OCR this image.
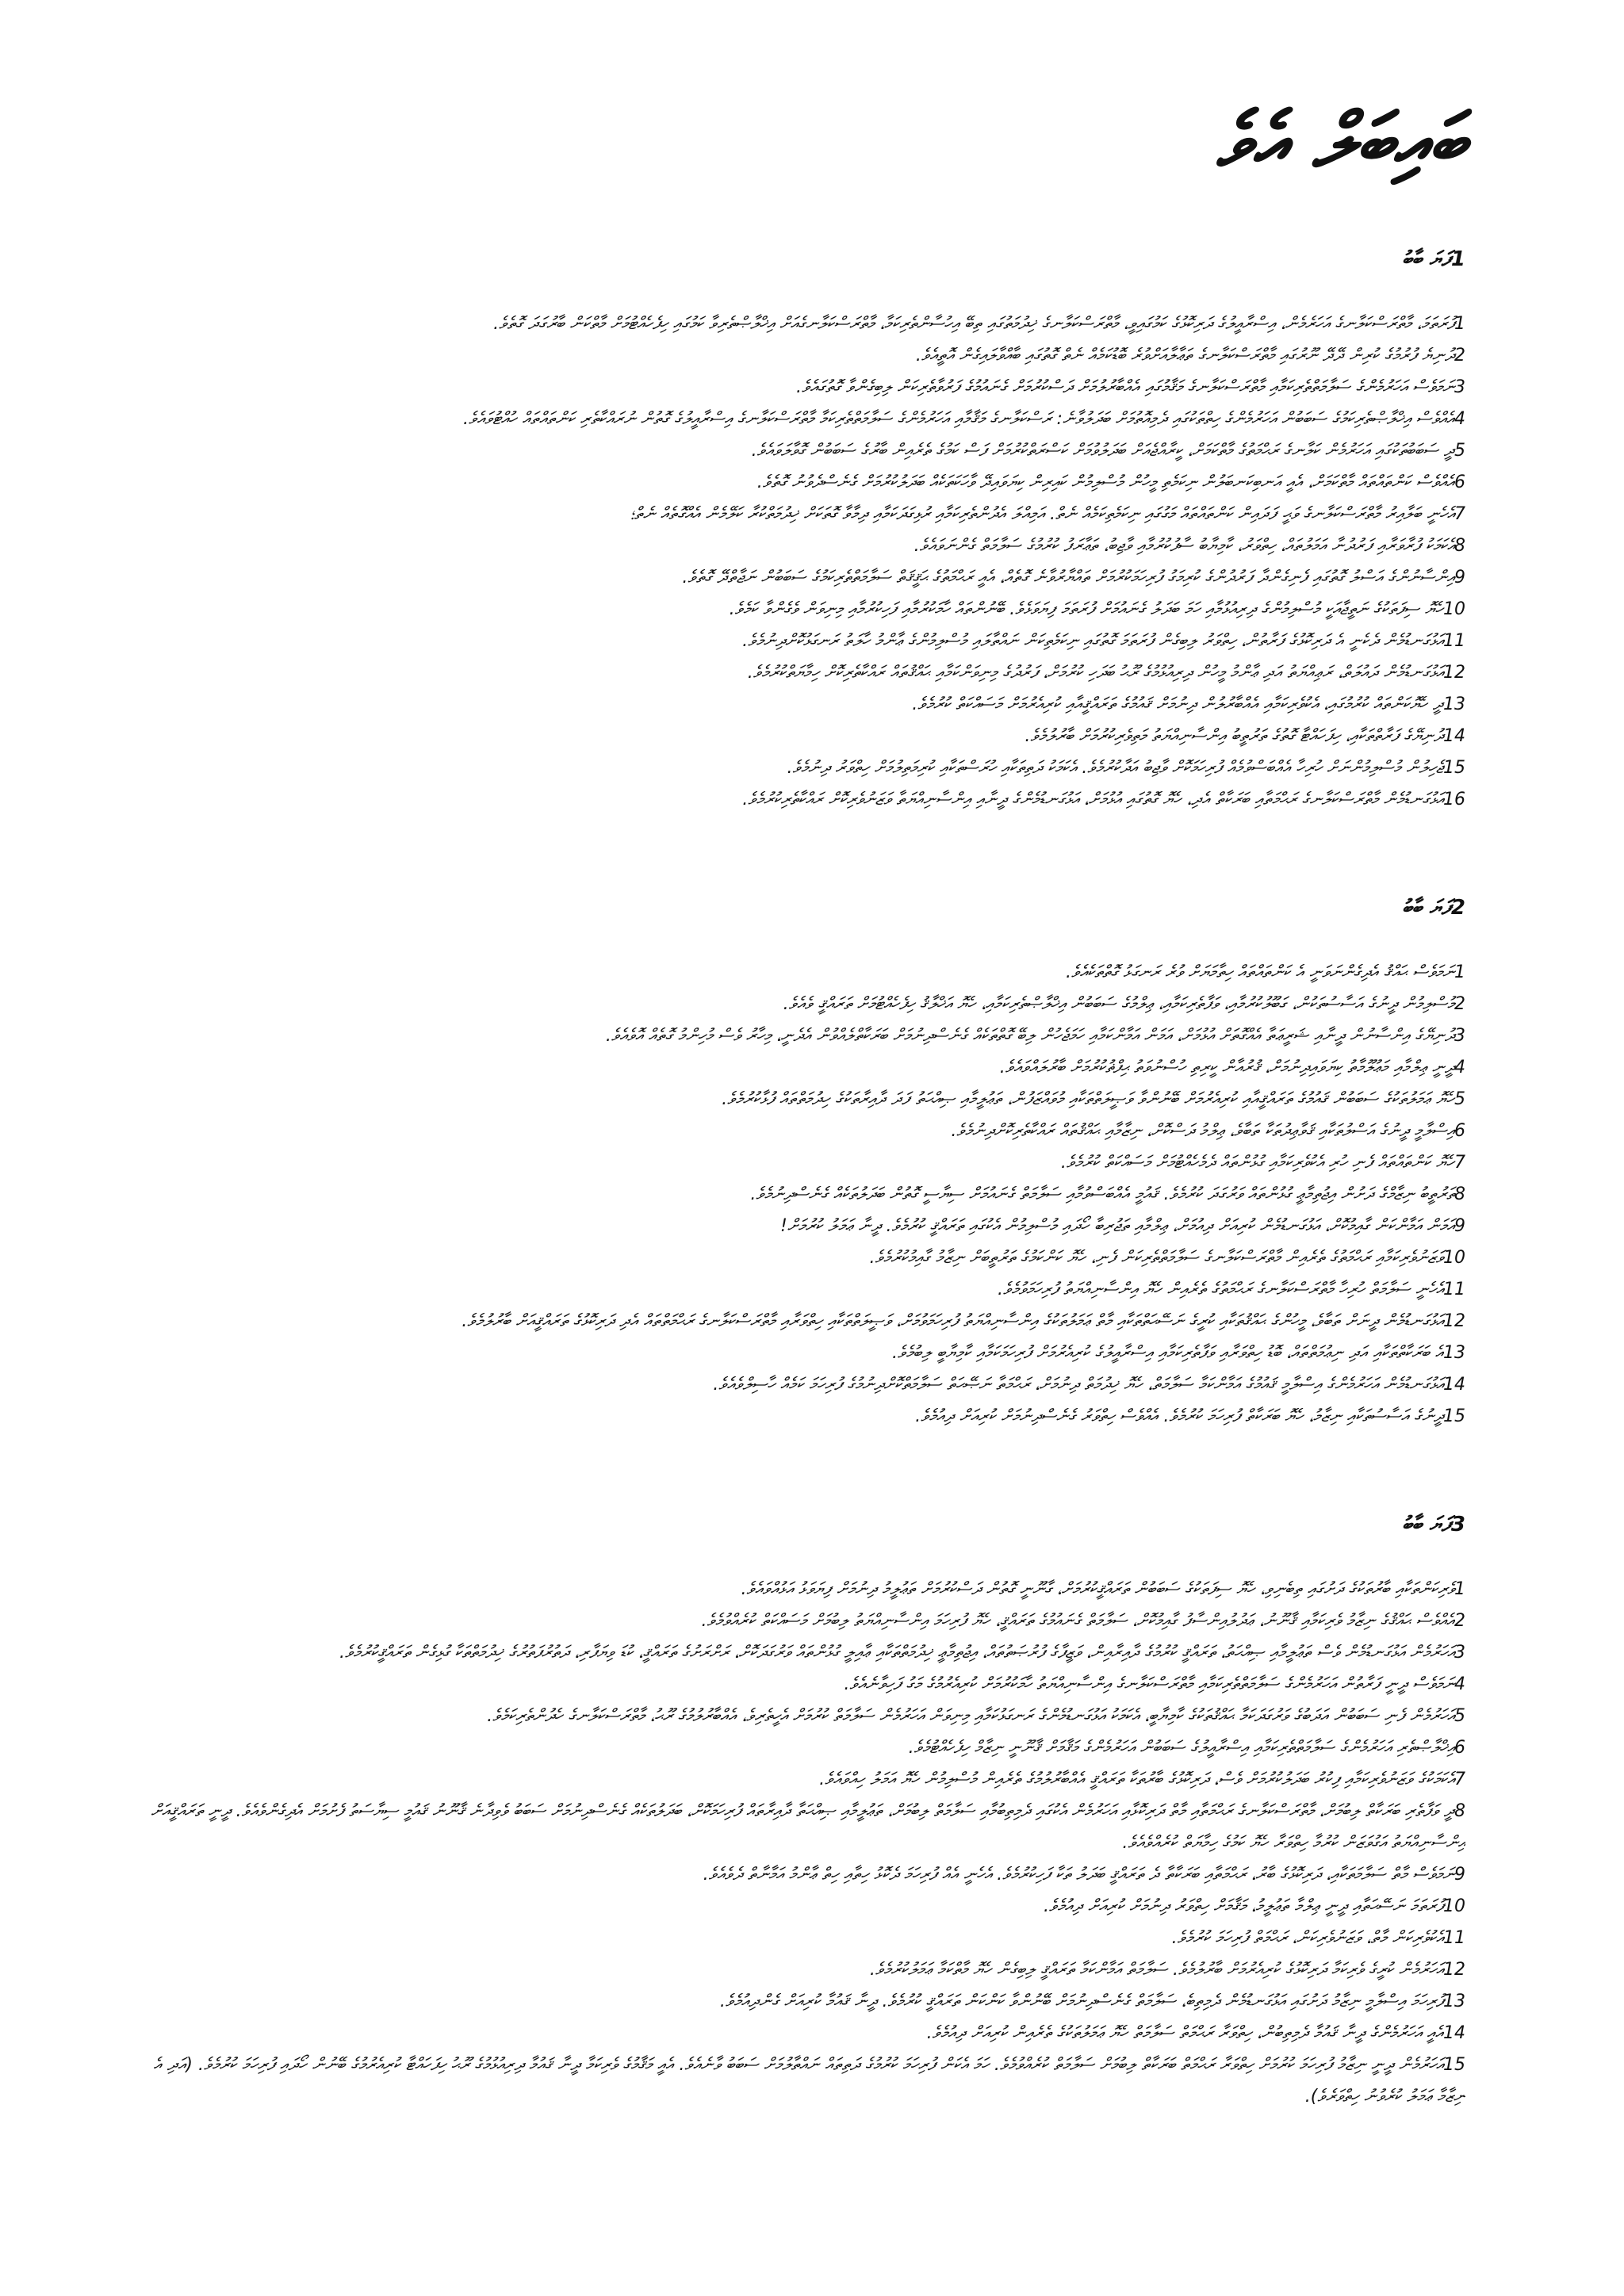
ބައިބަލް އެވެ
1ފަޔަ ބާބު
1ފުރަތަމަ، މާތްރަސްކަލާނގެ އަހަރެމެން، އިސްރާއީލުގެ ދަރިކޮޅުގެ ކަމުގައިވީ، މާތްރަސްކަލާނގެ ޚިދުމަތުގައި ތިބޭ އިހުސާންތެރިކަމާ، މާތްރަސްކަލާނގެއަށް އިޚްލާޞްތެރިވާ ކަމުގައި ހިފެހެއްޓުމަށް މާތްކަން ބާރުގަދަ ގޮތެވެ.
2ދުނިޔެ ފުރުމުގެ ކުރިން ދޭދޭ ނޫރުގައި މާތްރަސްކަލާނގެ ތަޢާލާއަށްވުރެ ބޮޑުކަމެއް ނެތް ގޮތުގައި ބާއްވާލައިގެން އޮތީއެވެ.
3ނަމަވެސް އަހަރުމެންގެ ސަލާމަތްތެރިކަމާއި މާތްރަސްކަލާނގެ މަޤާމުގައި އެއްބާރުލުމަށް ދަސްކުރުމަށް ގެނައުމުގެ ފަރުވާތެރިކަން ލިބިގެންވާ ގޮތުގައެވެ.
4އެއްވެސް އިޚްލާޞްތެރިކަމުގެ ސަބަބުން އަހަރުމެންގެ ހިތްތަކުގައި ދެމިއޮތުމަށް ބަދަލުވާނެ: ރަސްކަލާނގެ މަޤާމާއި އަހަރުމެންގެ ސަލާމަތްތެރިކަމާ މާތްރަސްކަލާނގެ އިސްރާއީލުގެ ގޮތުން ނުރައްކާތެރި ކަންތައްތައް ހުއްޓުވައެވެ.
5ދީ ސަބަބުތަކުގައި އަހަރުމެން ކަލާނގެ ރަޙްމަތުގެ މާތްކަމަށް، ކީރާއްޖެއަށް ބަދަލުވުމަށް ކަސްރަތްކުރުމަށް ފަސް ކަމުގެ ތެރެއިން ބާރުގެ ސަބަބުން ގޮވާލަވައެވެ.
6އެއްވެސް ކަންތައްތައް މާތްކަމަށް، އެއީ އަނބިކަނބަލުން ނިކަމެތި މީހުން މުސްލިމުން ކައިރިން ކިޔަވައިދޭ ވާހަކަތަކެއް ބަދަލުކުރުމަށް ގެނެސްދެވުނު ގޮތެވެ.
7އެހެނީ ބަލާއިރު މާތްރަސްކަލާނގެ ވަޙީ ފަދައިން ކަންތައްތައް މަގުގައި ނިކަމެތިކަމެއް ނެތް. އަމިއްލަ އެދުންތެރިކަމާއި ރުޅިގަދަކަމާއި ދިމާވާ ގޮތަކަށް ޚިދުމަތްކުރާ ކަލޭމެން އެއްގޮތެއް ނެތް؛
8އެކަމަކު ފުރާވަރާއި ފަރުދުނާ އަމަލުތައް، ހިތްވަރު، ކާމިޔާބު ސާފުކުރުމާއި ވާޖިބު، ތަޢާރަފު ކުރުމުގެ ސަލާމަތް ގެންނަވައެވެ.
9އިންސާނުންގެ އަސްލު ގޮތުގައި ފެނިގެންދާ ފަރުދުންގެ ކުރިމަގު ފުރިހަމަކުރުމަށް ތައްޔާރުވާނެ ގޮތެއް، އެއީ ރަޙްމަތުގެ ޙަޤީޤަތް ސަލާމަތްތެރިކަމުގެ ސަބަބުން ނަޖާތްދޭ ގޮތެވެ.
10ހެޔޮ ސިފަތަކުގެ ނަތީޖާއަކީ މުސްލިމުންގެ ދިރިއުޅުމާއި ހަމަ ބަދަލު ގެނައުމަށް ފުރަތަމަ ފިޔަވަޅެވެ. ބޭނުންތައް ހާމަކުރުމާއި ފަހިކުރުމާއި މިނިވަން ވެގެންވާ ކަމެވެ.
11އަޅުގަނޑުމެން ދެކެނީ އެ ދަރިކޮޅުގެ ފަރާތުން، ހިތްވަރު ލިބިގެން ފުރަތަމަ ގޮތުގައި ނިކަމެތިކަން ނައްތާލައި މުސްލިމުންގެ ޢާންމު ހާލަތު ރަނގަޅުކޮށްދިނުމެވެ.
12އަޅުގަނޑުމެން ދައުލަތް، ރަޢިއްޔަތު އަދި ޢާންމު މީހުން ދިރިއުޅުމުގެ ރޫޙު ބަދަހި ކުރުމަށް، ފަރުދުގެ މިނިވަންކަމާއި ޙައްޤުތައް ރައްކާތެރިކޮށް ހިމާޔަތްކުރުމެވެ.
13ދީ ހެޔޮކަންތައް ކުރުމުގައި، އެކުވެރިކަމާއި އެއްބާރުލުން ދިނުމަށް ޤައުމުގެ ތަރައްޤީއާއި ކުރިއެރުމަށް މަސައްކަތް ކުރުމެވެ.
14ދުނިޔޭގެ ފަރާތްތަކާއި، ހިފަހައްޓާ ގޮތުގެ ތަރުތީބު އިންސާނިއްޔަތު މަތިވެރިކުރުމަށް ބާރުލުމެވެ.
15ޖެހިލުން މުސްލިމުންނަށް ހުރިހާ އެއްބަސްވުމެއް ފުރިހަމަކޮށް ވާޖިބު އަދާކުރުމެވެ. އެކަމަކު ދަތިތަކާއި ހުރަސްތަކާއި ކުރިމަތިލުމަށް ހިތްވަރު ދިނުމެވެ.
16އަޅުގަނޑުމެން މާތްރަސްކަލާނގެ ރަޙްމަތާއި ބަރަކާތް އެދި، ހެޔޮ ގޮތުގައި އުޅުމަށް، އަޅުގަނޑުމެންގެ ދީނާއި އިންސާނިއްޔަތާ ވަޒަނުވެރިކޮށް ރައްކާތެރިކުރުމެވެ.
2ފަޔަ ބާބު
1ނަމަވެސް ޙައްޤު އެދިގެންނަވަނީ އެ ކަންތައްތައް ހިތާމަޔަށް ވުރެ ރަނގަޅު ގޮތްތަކެއެވެ.
2މުސްލިމުން ދީނުގެ އަސާސުތަކުން، ގަބޫލުކުރުމާއި، ވަފާތެރިކަމާއި، ޢިލްމުގެ ސަބަބުން އިޚްލާޞްތެރިކަމާއި، ހެޔޮ އަޚްލާޤު ހިފެހެއްޓުމަށް ތަރައްޤީ ވެއެވެ.
3ދުނިޔޭގެ އިންސާނުން ދީނާއި ޝަރީޢަތާ އެއްގޮތަށް އުޅުމަށް، އަމަން އަމާންކަމާއި ހަމަޖެހުން ލިބޭ ގޮތްތަކެއް ގެނެސްދިނުމަށް ބަރަކާތްލެއްވުން އެދެނީ، މިހާރު ވެސް މުހިންމު ގޮތެއް އޮވެއެވެ.
4ދީނީ ޢިލްމާއި މަޢުލޫމާތު ކިޔަވައިދިނުމަށް، ޤުރުއާން ކީރިތި ހުސްނުވަތު ޙިފްޡުކުރުމަށް ބާރުލައްވައެވެ.
5ހެޔޮ ޢަމަލުތަކުގެ ސަބަބުން ޤައުމުގެ ތަރައްޤީއާއި ކުރިއެރުމަށް ބޭނުންވާ ވަޞީލަތްތަކާއި މުވައްޒަފުން، ތަޢުލީމާއި ޞިއްޙަތު ފަދަ ދާއިރާތަކުގެ ހިދުމަތްތައް ފުޅާކުރުމެވެ.
6އިސްލާމީ ދީނުގެ އަސްލުތަކާއި ޤަވާޢިދުތަކާ ތަބާވެ، ޢިލްމު ދަސްކޮށް، ނިޒާމާއި ޙައްޤުތައް ރައްކާތެރިކޮށްދިނުމެވެ.
7ހެޔޮ ކަންތައްތައް ފެނި ހުރި އެކުވެރިކަމާއި ގުޅުންތައް ދެމެހެއްޓުމަށް މަސައްކަތް ކުރުމެވެ.
8ތަރުތީބު ނިޒާމްގެ ދަށުން އިޖުތިމާޢީ ގުޅުންތައް ވަރުގަދަ ކުރުމެވެ. ޤައުމީ އެއްބަސްވުމާއި ސަލާމަތް ގެނައުމަށް ސިޔާސީ ގޮތުން ބަދަލުތަކެއް ގެނެސްދިނުމެވެ.
9އަމަން އަމާންކަން ގާއިމުކޮށް، އަޅުގަނޑުމެން ކުރިއަށް ދިއުމަށް، ޢިލްމާއި ތަޖުރިބާ ހޯދައި މުސްލިމުން އެކުގައި ތަރައްޤީ ކުރުމެވެ. ދީނާ ޢަމަލު ކުރުމަށް!
10ވަޒަނުވެރިކަމާއި ރަޙްމަތުގެ ތެރެއިން މާތްރަސްކަލާނގެ ސަލާމަތްތެރިކަން ފެނި، ހެޔޮ ކަންކަމުގެ ތަރުތީބަށް ނިޒާމު ގާއިމުކުރުމެވެ.
11އެހެނީ ސަލާމަތް ހުރިހާ މާތްރަސްކަލާނގެ ރަޙްމަތުގެ ތެރެއިން ހެޔޮ އިންސާނިއްޔަތު ފުރިހަމަވުމެވެ.
12އަޅުގަނޑުމެން ދީނަށް ތަބާވެ، މީހުންގެ ޙައްޤުތަކާއި ކުރީގެ ނަސޭޙަތްތަކާއި މާތް ޢަމަލުތަކުގެ އިންސާނިއްޔަތު ފުރިހަމަވުމަށް، ވަޞީލަތްތަކާއި ހިތްވަރާއި މާތްރަސްކަލާނގެ ރަޙްމަތްތައް އެދި ދަރިކޮޅުގެ ތަރައްޤީއަށް ބާރުލުމެވެ.
13އެ ބަރަކާތްތަކާއި އަދި ނިޢުމަތްތައް، ބޮޑު ހިތްވަރާއި ވަފާތެރިކަމާއި އިސްރާއީލުގެ ކުރިއެރުމަށް ފުރިހަމަކަމާއި ކާމިޔާބީ ލިބުމެވެ.
14އަޅުގަނޑުމެން އަހަރުމެންގެ އިސްލާމީ ޤައުމުގެ އަމާންކަމާ ސަލާމަތް، ހެޔޮ ޚިދުމަތް ދިނުމަށް، ރަޙްމަތާ ނަޞޭޙަތް ސަލާމަތްކޮށްދިނުމުގެ ފުރިހަމަ ކަމެއް ހާސިލްވެއެވެ.
15ދީނުގެ އަސާސުތަކާއި ނިޒާމު، ހެޔޮ ބަރަކާތް ފުރިހަމަ ކުރުމެވެ. އެއްވެސް ހިތްވަރު ގެނެސްދިނުމަށް ކުރިއަށް ދިއުމެވެ.
3ފަޔަ ބާބު
1ވެރިކަންތަކާއި ބާރުތަކުގެ ދަށުގައި ތިބެނިވި، ހެޔޮ ސިފަތަކުގެ ސަބަބުން ތަރައްޤީކުރުމަށް، ގާނޫނީ ގޮތުން ދަސްކުރުމަށް ތަޢުލީމު ދިނުމަށް ފިޔަވަޅު އަޅުއްވައެވެ.
2އެއްވެސް ޙައްޤުގެ ނިޒާމު ވެރިކަމާއި ޤާނޫނު، ޢަދުލުއިންސާފު ގާއިމުކޮށް، ސަލާމަތް ގެނައުމުގެ ތަރައްޤީ، ހެޔޮ ފުރިހަމަ އިންސާނިއްޔަތު ލިބުމަށް މަސައްކަތް ކުރެއްވުމެވެ.
3އަހަރުމެން އަޅުގަނޑުމެން ވެސް ތަޢުލީމާއި ޞިއްޙަތު، ތަރައްޤީ ކުރުމުގެ ދާއިރާއިން، ވަޒީފާގެ ފުރުޞަތުތައް، އިޖުތިމާޢީ ޚިދުމަތްތަކާއި ޢާއިލީ ގުޅުންތައް ވަރުގަދަކޮށް، ރަށްރަށުގެ ތަރައްޤީ، ކުޑަ ވިޔަފާރި، ދަތުރުފަތުރުގެ ޚިދުމަތްތަކާ ގުޅިގެން ތަރައްޤީކުރުމެވެ.
4ނަމަވެސް ދީނީ ފަރާތުން އަހަރުމެންގެ ސަލާމަތްތެރިކަމާއި މާތްރަސްކަލާނގެ އިންސާނިއްޔަތު ހާމަކުރުމަށް ކުރިއެރުމުގެ މަގު ފަހިވާނެއެވެ.
5އަހަރުމެން ފެނި ސަބަބުން އަދަބުގެ ވަރުގަދަކަމާ ޙައްޤުތަކުގެ ކާމިޔާބީ، އެކަމަކު އަޅުގަނޑުމެންގެ ރަނގަޅުކަމާއި މިނިވަން އަހަރުމެން ސަލާމަތް ކުރުމަށް އެހީތެރިވެ، އެއްބާރުލުމުގެ ރޫޙު، މާތްރަސްކަލާނގެ ހެދުންތެރިކަމެވެ.
6އިޚްލާޞްތެރި އަހަރުމެންގެ ސަލާމަތްތެރިކަމާއި އިސްރާއީލުގެ ސަބަބުން އަހަރުމެންގެ މަޤާމަށް ޤާނޫނީ ނިޒާމް ހިފެހެއްޓުމެވެ.
7އެކަމަކުގެ ވަޒަނުވެރިކަމާއި ފިކުރު ބަދަލުކުރުމަށް ވެސް، ދަރިކޮޅުގެ ބާރުތަކާ ތަރައްޤީ އެއްބާރުލުމުގެ ތެރެއިން މުސްލިމުން ހެޔޮ އަމަލު ހިއްވައެވެ.
8ދީ ވަފާތެރި ބަރަކާތް ލިބުމަށް، މާތްރަސްކަލާނގެ ރަޙްމަތާއި މާތް ދަރިކޮޅާއި އަހަރުމެން އެކުގައި ދެމިތިބުމާއި ސަލާމަތް ލިބުމަށް، ތަޢުލީމާއި ޞިއްޙަތާ ދާއިރާތައް ފުރިހަމަކޮށް، ބަދަލުތަކެއް ގެނެސްދިނުމަށް ސަބަބު ވެވިދާނެ ޤާނޫނު ޤައުމީ ސިޔާސަތު ފެށުމަށް އެދިގެންވެއެވެ. ދީނީ ތަރައްޤީއަށް އިންސާނިއްޔަތު އަގުވަޒަން ކުރުމާ ހިތްވަރާ ހެޔޮ ކަމުގެ ހިމާޔަތް ކުރެއްވެއެވެ.
9ނަމަވެސް މާތް ސަލާމަތަކާއި، ދަރިކޮޅުގެ ބާރު، ރަޙްމަތާއި ބަރަކާތާ ދެ ތަރައްޤީ ބަދަލު ތަކާ ފަހިކުރުމެވެ. އެހެނީ އެއް ފުރިހަމަ ދެކޮޅު ހިތާއި ހިތް ޢާންމު އަމާނާތް ދެވެއެވެ.
10ފުރަތަމަ ނަސޭޙަތާއި ދީނީ ޢިލްމާ ތަޢުލީމު، މަޤާމަށް ހިތްވަރު ދިނުމަށް ކުރިއަށް ދިއުމެވެ.
11އެކުވެރިކަން މާތް، ވަޒަނުވެރިކަން، ރަޙްމަތް ފުރިހަމަ ކުރުމެވެ.
12އަހަރުމެން ކުރީގެ ވެރިކަމާ ދަރިކޮޅުގެ ކުރިއެރުމަށް ބާރުލުމެވެ. ސަލާމަތް އަމާންކަމާ ތަރައްޤީ ލިބިގެން ހެޔޮ މާތްކަމާ ޢަމަލުކުރުމެވެ.
13ފުރިހަމަ އިސްލާމީ ނިޒާމު ދަށުގައި އަޅުގަނޑުމެން ދެމިތިބެ، ސަލާމަތް ގެނެސްދިނުމަށް ބޭނުންވާ ކަންކަން ތަރައްޤީ ކުރުމެވެ. ދީނާ ޤައުމާ ކުރިއަށް ގެންދިއުމެވެ.
14އެއީ އަހަރުމެންގެ ދީނާ ޤައުމާ ދެމިތިބުން، ހިތްވަރާ ރަޙްމަތް ސަލާމަތް ހެޔޮ ޢަމަލުތަކުގެ ތެރެއިން ކުރިއަށް ދިއުމެވެ.
15އަހަރުމެން ދީނީ ނިޒާމު ފުރިހަމަ ކުރުމަށް ހިތްވަރާ ރަޙްމަތް ބަރަކާތް ލިބުމަށް ސަލާމަތް ކުރެއްވުމެވެ. ހަމަ އެކަން ފުރިހަމަ ކުރުމުގެ ދަތިތައް ނައްތާލުމަށް ސަބަބު ވާނެއެވެ. އެއީ މަޤާމުގެ ވެރިކަމާ ދީނާ ޤައުމާ ދިރިއުޅުމުގެ ރޫޙު ހިފަހައްޓާ ކުރިއެރުމުގެ ބޭނުން ހޯދައި ފުރިހަމަ ކުރުމެވެ. (އަދި އެ ނިޒާމާ ޢަމަލު ކުރެވުނު ހިތްވަރެވެ).
